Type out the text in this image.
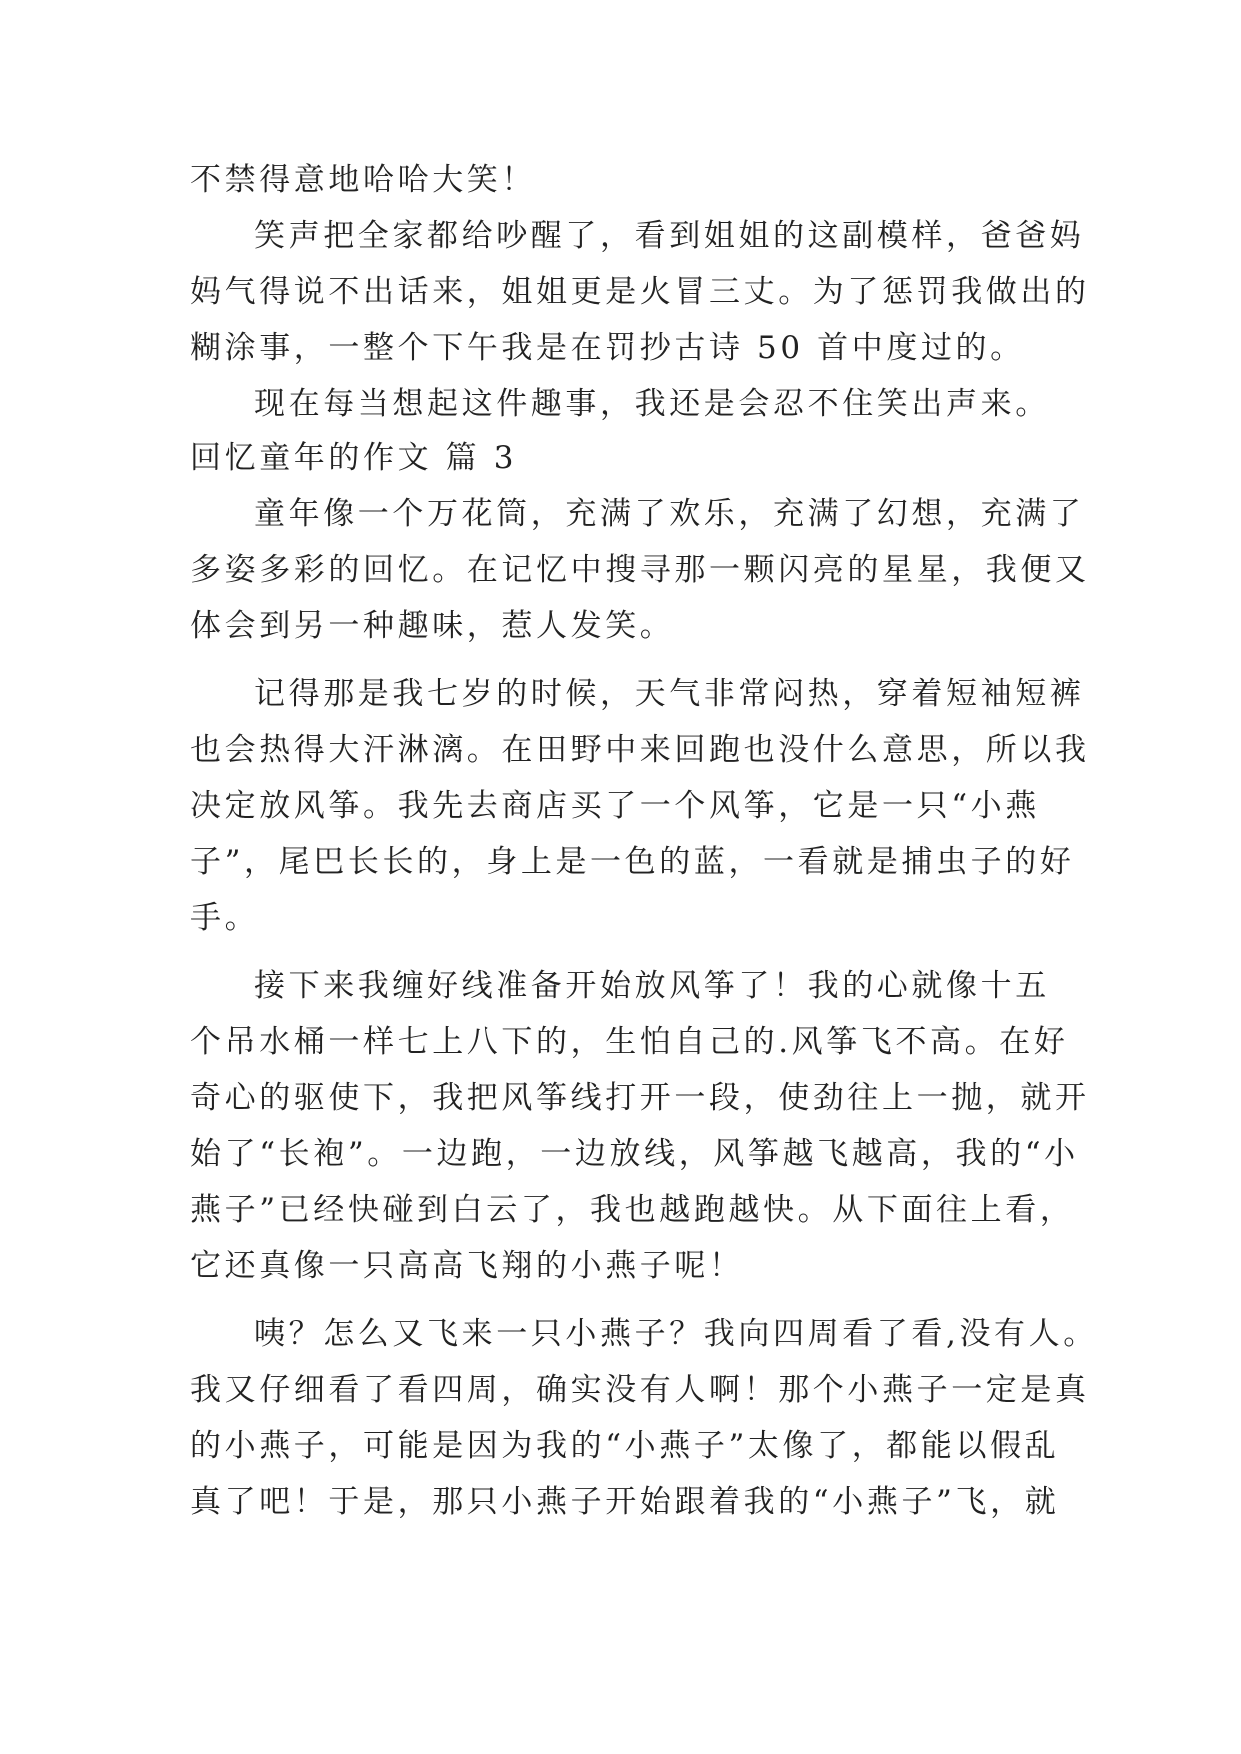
不禁得意地哈哈大笑！
笑声把全家都给吵醒了，看到姐姐的这副模样，爸爸妈
妈气得说不出话来，姐姐更是火冒三丈。为了惩罚我做出的
糊涂事，一整个下午我是在罚抄古诗 50 首中度过的。
现在每当想起这件趣事，我还是会忍不住笑出声来。
回忆童年的作文 篇 3
童年像一个万花筒，充满了欢乐，充满了幻想，充满了
多姿多彩的回忆。在记忆中搜寻那一颗闪亮的星星，我便又
体会到另一种趣味，惹人发笑。
记得那是我七岁的时候，天气非常闷热，穿着短袖短裤
也会热得大汗淋漓。在田野中来回跑也没什么意思，所以我
决定放风筝。我先去商店买了一个风筝，它是一只“小燕
子”，尾巴长长的，身上是一色的蓝，一看就是捕虫子的好
手。
接下来我缠好线准备开始放风筝了！我的心就像十五
个吊水桶一样七上八下的，生怕自己的.风筝飞不高。在好
奇心的驱使下，我把风筝线打开一段，使劲往上一抛，就开
始了“长袍”。一边跑，一边放线，风筝越飞越高，我的“小
燕子”已经快碰到白云了，我也越跑越快。从下面往上看，
它还真像一只高高飞翔的小燕子呢！
咦？怎么又飞来一只小燕子？我向四周看了看,没有人。
我又仔细看了看四周，确实没有人啊！那个小燕子一定是真
的小燕子，可能是因为我的“小燕子”太像了，都能以假乱
真了吧！于是，那只小燕子开始跟着我的“小燕子”飞，就
